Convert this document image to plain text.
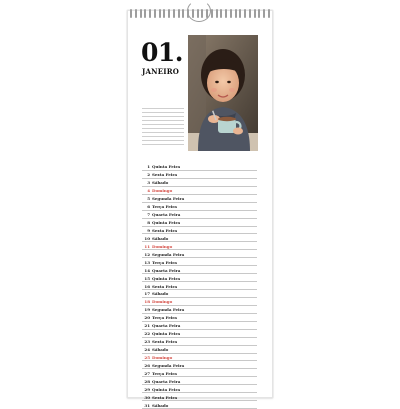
01.
JANEIRO
1 Quinta Feira
2 Sexta Feira
3 Sábado
4 Domingo
5 Segunda Feira
6 Terça Feira
7 Quarta Feira
8 Quinta Feira
9 Sexta Feira
10 Sábado
11 Domingo
12 Segunda Feira
13 Terça Feira
14 Quarta Feira
15 Quinta Feira
16 Sexta Feira
17 Sábado
18 Domingo
19 Segunda Feira
20 Terça Feira
21 Quarta Feira
22 Quinta Feira
23 Sexta Feira
24 Sábado
25 Domingo
26 Segunda Feira
27 Terça Feira
28 Quarta Feira
29 Quinta Feira
30 Sexta Feira
31 Sábado
